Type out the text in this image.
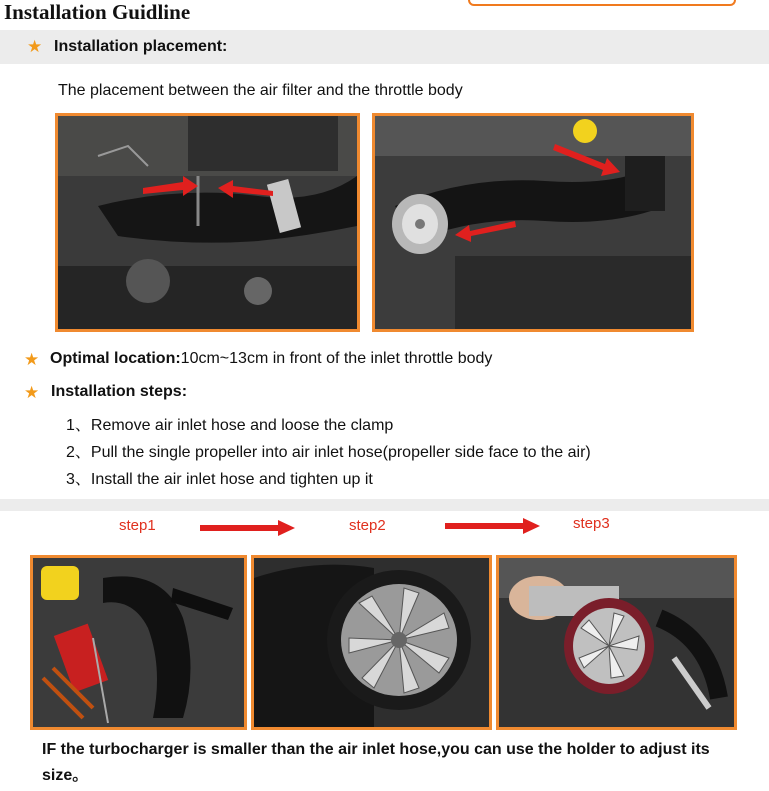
Installation Guidline
★ Installation placement:
The placement between the air filter and the throttle body
★ Optimal location:10cm~13cm in front of the inlet throttle body
★ Installation steps:
1、Remove air inlet hose and loose the clamp
2、Pull the single propeller into air inlet hose(propeller side face to the air)
3、Install the air inlet hose and tighten up it
step1	step2	step3
IF the turbocharger is smaller than the air inlet hose,you can use the holder to adjust its size。
